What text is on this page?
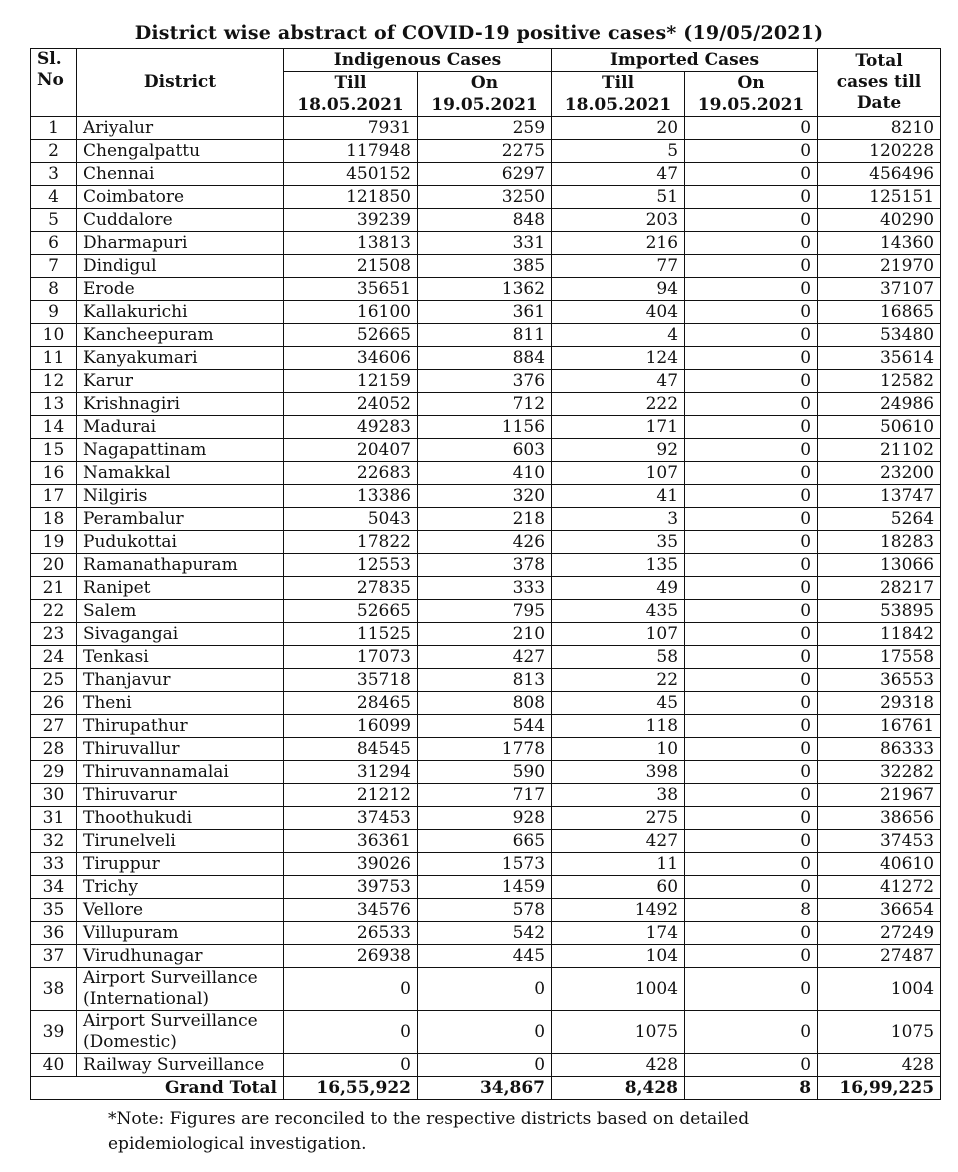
District wise abstract of COVID-19 positive cases* (19/05/2021)
Sl. No	District	Indigenous Cases		Imported Cases		Total cases till Date
		Till	On	Till	On	
		18.05.2021	19.05.2021	18.05.2021	19.05.2021	
1	Ariyalur	7931	259	20	0	8210
2	Chengalpattu	117948	2275	5	0	120228
3	Chennai	450152	6297	47	0	456496
4	Coimbatore	121850	3250	51	0	125151
5	Cuddalore	39239	848	203	0	40290
6	Dharmapuri	13813	331	216	0	14360
7	Dindigul	21508	385	77	0	21970
8	Erode	35651	1362	94	0	37107
9	Kallakurichi	16100	361	404	0	16865
10	Kancheepuram	52665	811	4	0	53480
11	Kanyakumari	34606	884	124	0	35614
12	Karur	12159	376	47	0	12582
13	Krishnagiri	24052	712	222	0	24986
14	Madurai	49283	1156	171	0	50610
15	Nagapattinam	20407	603	92	0	21102
16	Namakkal	22683	410	107	0	23200
17	Nilgiris	13386	320	41	0	13747
18	Perambalur	5043	218	3	0	5264
19	Pudukottai	17822	426	35	0	18283
20	Ramanathapuram	12553	378	135	0	13066
21	Ranipet	27835	333	49	0	28217
22	Salem	52665	795	435	0	53895
23	Sivagangai	11525	210	107	0	11842
24	Tenkasi	17073	427	58	0	17558
25	Thanjavur	35718	813	22	0	36553
26	Theni	28465	808	45	0	29318
27	Thirupathur	16099	544	118	0	16761
28	Thiruvallur	84545	1778	10	0	86333
29	Thiruvannamalai	31294	590	398	0	32282
30	Thiruvarur	21212	717	38	0	21967
31	Thoothukudi	37453	928	275	0	38656
32	Tirunelveli	36361	665	427	0	37453
33	Tiruppur	39026	1573	11	0	40610
34	Trichy	39753	1459	60	0	41272
35	Vellore	34576	578	1492	8	36654
36	Villupuram	26533	542	174	0	27249
37	Virudhunagar	26938	445	104	0	27487
38	Airport Surveillance (International)	0	0	1004	0	1004
39	Airport Surveillance (Domestic)	0	0	1075	0	1075
40	Railway Surveillance	0	0	428	0	428
Grand Total		16,55,922	34,867	8,428	8	16,99,225
*Note: Figures are reconciled to the respective districts based on detailed epidemiological investigation.
